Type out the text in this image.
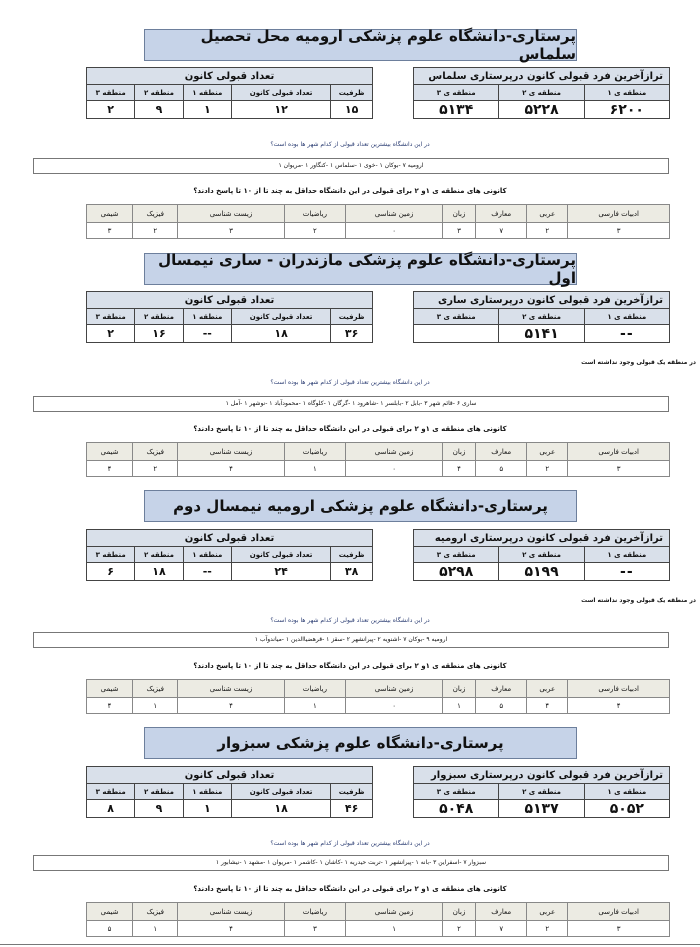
پرستاری-دانشگاه علوم پزشکی ارومیه محل تحصیل سلماس
ترازآخرین فرد قبولی کانون درپرستاری سلماس		
منطقه ی ۱	منطقه ی ۲	منطقه ی ۳
۶۲۰۰	۵۲۲۸	۵۱۳۴
تعداد قبولی کانون				
ظرفیت	تعداد قبولی کانون	منطقه ۱	منطقه ۲	منطقه ۳
۱۵	۱۲	۱	۹	۲
در این دانشگاه بیشترین تعداد قبولی از کدام شهر ها بوده است؟
ارومیه ۷ -بوکان ۱ -خوی ۱ -سلماس ۱ -کنگاور ۱ -مریوان ۱
کانونی های منطقه ی ۱و ۲ برای قبولی در این دانشگاه حداقل به چند تا از ۱۰ تا پاسخ دادند؟
ادبیات فارسی	عربی	معارف	زبان	زمین شناسی	ریاضیات	زیست شناسی	فیزیک	شیمی
۳	۲	۷	۳	۰	۲	۳	۲	۳
پرستاری-دانشگاه علوم پزشکی مازندران - ساری نیمسال اول
ترازآخرین فرد قبولی کانون درپرستاری ساری		
منطقه ی ۱	منطقه ی ۲	منطقه ی ۳
--	۵۱۴۱	
تعداد قبولی کانون				
ظرفیت	تعداد قبولی کانون	منطقه ۱	منطقه ۲	منطقه ۳
۳۶	۱۸	--	۱۶	۲
در منطقه یک قبولی وجود نداشته است
در این دانشگاه بیشترین تعداد قبولی از کدام شهر ها بوده است؟
ساری ۶ -قائم شهر ۳ -بابل ۲ -بابلسر ۱ -شاهرود ۱ -گرگان ۱ -کلوگاه ۱ -محمودآباد ۱ -نوشهر ۱ -آمل ۱
کانونی های منطقه ی ۱و ۲ برای قبولی در این دانشگاه حداقل به چند تا از ۱۰ تا پاسخ دادند؟
ادبیات فارسی	عربی	معارف	زبان	زمین شناسی	ریاضیات	زیست شناسی	فیزیک	شیمی
۳	۲	۵	۴	۰	۱	۴	۲	۴
پرستاری-دانشگاه علوم پزشکی ارومیه نیمسال دوم
ترازآخرین فرد قبولی کانون درپرستاری ارومیه		
منطقه ی ۱	منطقه ی ۲	منطقه ی ۳
--	۵۱۹۹	۵۲۹۸
تعداد قبولی کانون				
ظرفیت	تعداد قبولی کانون	منطقه ۱	منطقه ۲	منطقه ۳
۳۸	۲۴	--	۱۸	۶
در منطقه یک قبولی وجود نداشته است
در این دانشگاه بیشترین تعداد قبولی از کدام شهر ها بوده است؟
ارومیه ۹ -بوکان ۷ -اشنویه ۲ -پیرانشهر ۲ -سقز ۱ -قرهضیاالدین ۱ -میاندوآب ۱
کانونی های منطقه ی ۱و ۲ برای قبولی در این دانشگاه حداقل به چند تا از ۱۰ تا پاسخ دادند؟
ادبیات فارسی	عربی	معارف	زبان	زمین شناسی	ریاضیات	زیست شناسی	فیزیک	شیمی
۴	۴	۵	۱	۰	۱	۴	۱	۴
پرستاری-دانشگاه علوم پزشکی سبزوار
ترازآخرین فرد قبولی کانون درپرستاری سبزوار		
منطقه ی ۱	منطقه ی ۲	منطقه ی ۳
۵۰۵۲	۵۱۳۷	۵۰۴۸
تعداد قبولی کانون				
ظرفیت	تعداد قبولی کانون	منطقه ۱	منطقه ۲	منطقه ۳
۴۶	۱۸	۱	۹	۸
در این دانشگاه بیشترین تعداد قبولی از کدام شهر ها بوده است؟
سبزوار ۷ -اسفراین ۳ -بانه ۱ -پیرانشهر ۱ -تربت حیدریه ۱ -کاشان ۱ -کاشمر ۱ -مریوان ۱ -مشهد ۱ -نیشابور ۱
کانونی های منطقه ی ۱و ۲ برای قبولی در این دانشگاه حداقل به چند تا از ۱۰ تا پاسخ دادند؟
ادبیات فارسی	عربی	معارف	زبان	زمین شناسی	ریاضیات	زیست شناسی	فیزیک	شیمی
۳	۲	۷	۲	۱	۳	۴	۱	۵
